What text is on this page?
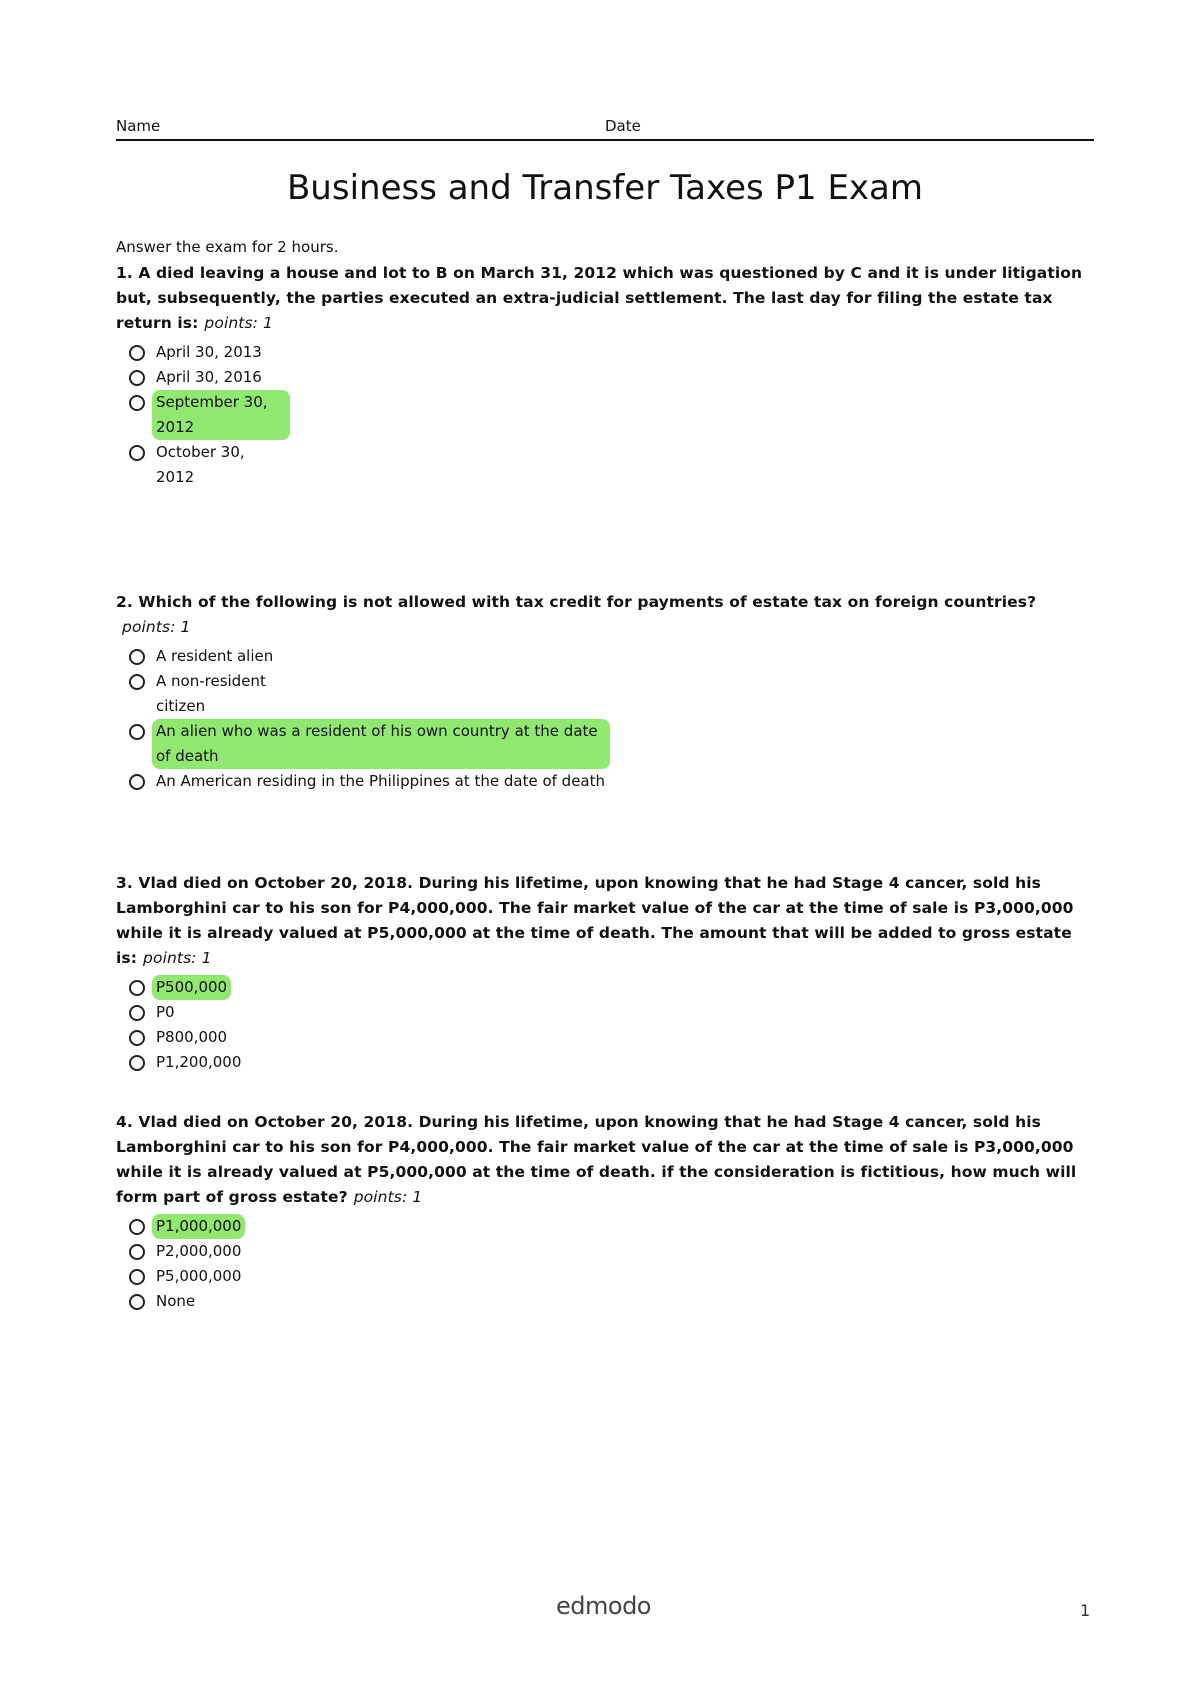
Name	Date
Business and Transfer Taxes P1 Exam
Answer the exam for 2 hours.

1. A died leaving a house and lot to B on March 31, 2012 which was questioned by C and it is under litigation but, subsequently, the parties executed an extra-judicial settlement. The last day for filing the estate tax return is: points: 1

April 30, 2013
April 30, 2016
September 30, 2012
October 30, 2012

2. Which of the following is not allowed with tax credit for payments of estate tax on foreign countries?points: 1

A resident alien
A non-resident citizen
An alien who was a resident of his own country at the date of death
An American residing in the Philippines at the date of death

3. Vlad died on October 20, 2018. During his lifetime, upon knowing that he had Stage 4 cancer, sold his Lamborghini car to his son for P4,000,000. The fair market value of the car at the time of sale is P3,000,000 while it is already valued at P5,000,000 at the time of death. The amount that will be added to gross estate is: points: 1

P500,000
P0
P800,000
P1,200,000

4. Vlad died on October 20, 2018. During his lifetime, upon knowing that he had Stage 4 cancer, sold his Lamborghini car to his son for P4,000,000. The fair market value of the car at the time of sale is P3,000,000 while it is already valued at P5,000,000 at the time of death. if the consideration is fictitious, how much will form part of gross estate? points: 1

P1,000,000
P2,000,000
P5,000,000
None
edmodo	1
